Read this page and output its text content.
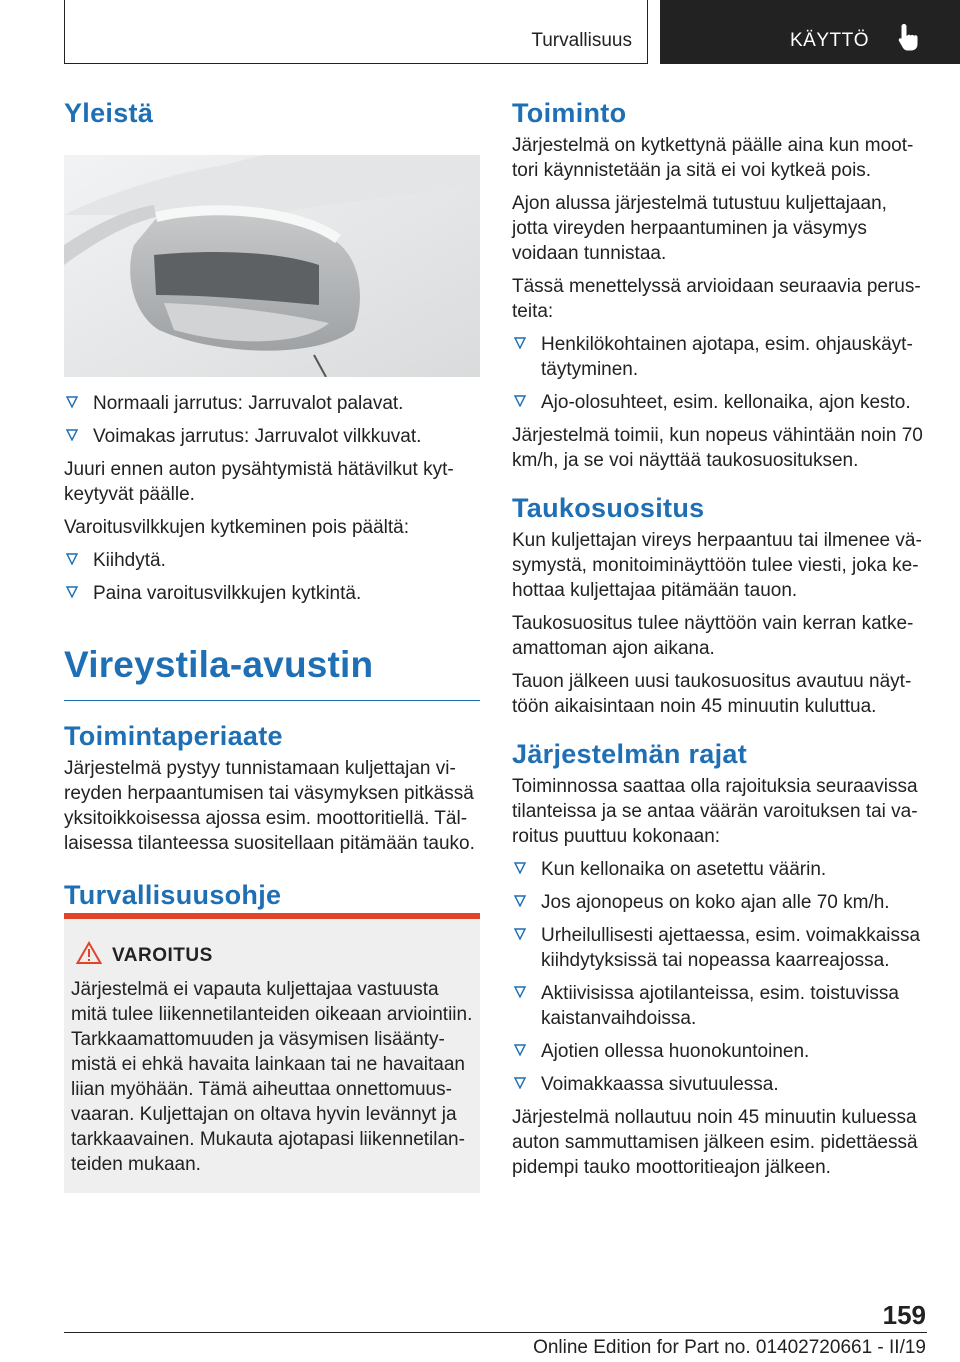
Turvallisuus	KÄYTTÖ
Yleistä
Normaali jarrutus: Jarruvalot palavat.
Voimakas jarrutus: Jarruvalot vilkkuvat.

Juuri ennen auton pysähtymistä hätävilkut kytkeytyvät päälle.

Varoitusvilkkujen kytkeminen pois päältä:

Kiihdytä.
Paina varoitusvilkkujen kytkintä.
Vireystila-avustin
Toimintaperiaate

Järjestelmä pystyy tunnistamaan kuljettajan vireyden herpaantumisen tai väsymyksen pitkässä yksitoikkoisessa ajossa esim. moottoritiellä. Tällaisessa tilanteessa suositellaan pitämään tauko.

Turvallisuusohje
VAROITUS

Järjestelmä ei vapauta kuljettajaa vastuusta mitä tulee liikennetilanteiden oikeaan arviointiin. Tarkkaamattomuuden ja väsymisen lisääntymistä ei ehkä havaita lainkaan tai ne havaitaan liian myöhään. Tämä aiheuttaa onnettomuusvaaran. Kuljettajan on oltava hyvin levännyt ja tarkkaavainen. Mukauta ajotapasi liikennetilanteiden mukaan.

Toiminto

Järjestelmä on kytkettynä päälle aina kun moottori käynnistetään ja sitä ei voi kytkeä pois.

Ajon alussa järjestelmä tutustuu kuljettajaan, jotta vireyden herpaantuminen ja väsymys voidaan tunnistaa.

Tässä menettelyssä arvioidaan seuraavia perusteita:

Henkilökohtainen ajotapa, esim. ohjauskäyttäytyminen.
Ajo-olosuhteet, esim. kellonaika, ajon kesto.

Järjestelmä toimii, kun nopeus vähintään noin 70 km/h, ja se voi näyttää taukosuosituksen.

Taukosuositus

Kun kuljettajan vireys herpaantuu tai ilmenee väsymystä, monitoiminäyttöön tulee viesti, joka kehottaa kuljettajaa pitämään tauon.

Taukosuositus tulee näyttöön vain kerran katkeamattoman ajon aikana.

Tauon jälkeen uusi taukosuositus avautuu näyttöön aikaisintaan noin 45 minuutin kuluttua.

Järjestelmän rajat

Toiminnossa saattaa olla rajoituksia seuraavissa tilanteissa ja se antaa väärän varoituksen tai varoitus puuttuu kokonaan:

Kun kellonaika on asetettu väärin.
Jos ajonopeus on koko ajan alle 70 km/h.
Urheilullisesti ajettaessa, esim. voimakkaissa kiihdytyksissä tai nopeassa kaarreajossa.
Aktiivisissa ajotilanteissa, esim. toistuvissa kaistanvaihdoissa.
Ajotien ollessa huonokuntoinen.
Voimakkaassa sivutuulessa.

Järjestelmä nollautuu noin 45 minuutin kuluessa auton sammuttamisen jälkeen esim. pidettäessä pidempi tauko moottoritieajon jälkeen.

159
Online Edition for Part no. 01402720661 - II/19
